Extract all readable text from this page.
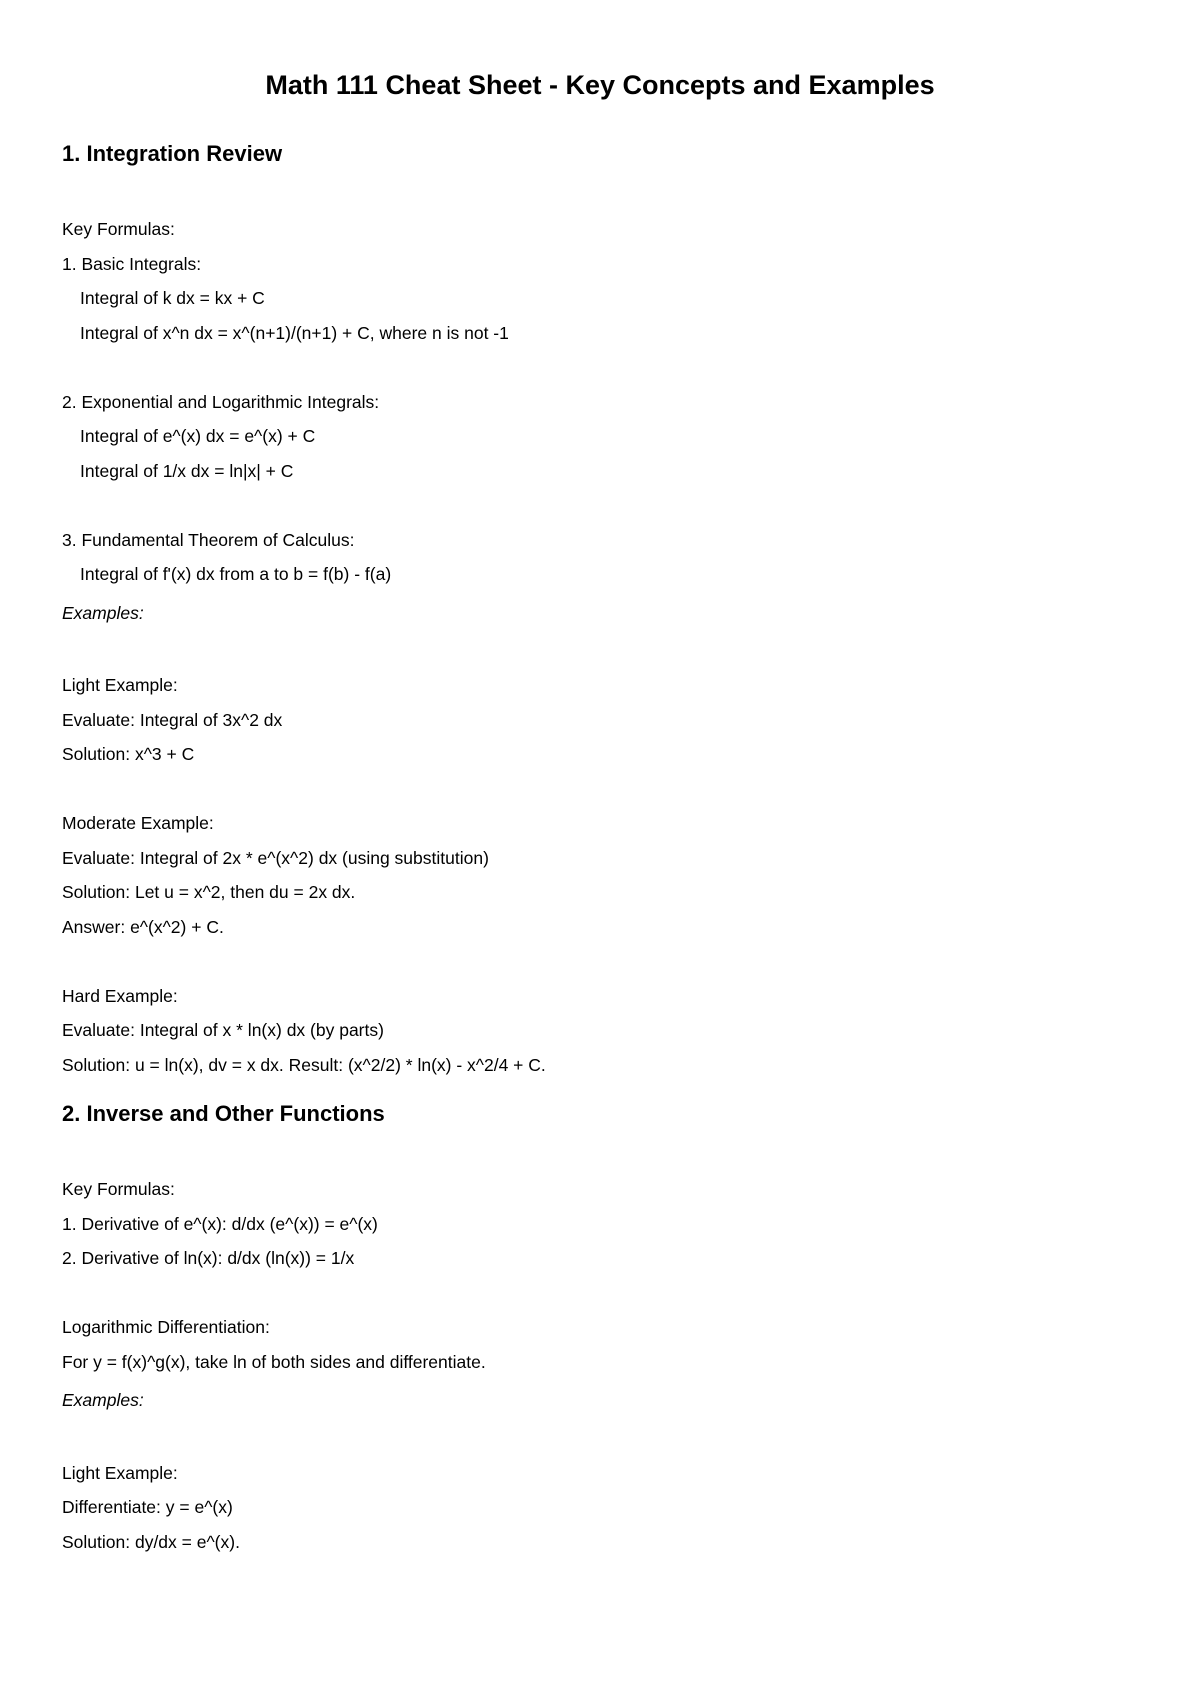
Math 111 Cheat Sheet - Key Concepts and Examples
1. Integration Review

Key Formulas:

1. Basic Integrals:

Integral of k dx = kx + C

Integral of x^n dx = x^(n+1)/(n+1) + C, where n is not -1

2. Exponential and Logarithmic Integrals:

Integral of e^(x) dx = e^(x) + C

Integral of 1/x dx = ln|x| + C

3. Fundamental Theorem of Calculus:

Integral of f'(x) dx from a to b = f(b) - f(a)

Examples:

Light Example:

Evaluate: Integral of 3x^2 dx

Solution: x^3 + C

Moderate Example:

Evaluate: Integral of 2x * e^(x^2) dx (using substitution)

Solution: Let u = x^2, then du = 2x dx.

Answer: e^(x^2) + C.

Hard Example:

Evaluate: Integral of x * ln(x) dx (by parts)

Solution: u = ln(x), dv = x dx. Result: (x^2/2) * ln(x) - x^2/4 + C.

2. Inverse and Other Functions

Key Formulas:

1. Derivative of e^(x): d/dx (e^(x)) = e^(x)

2. Derivative of ln(x): d/dx (ln(x)) = 1/x

Logarithmic Differentiation:

For y = f(x)^g(x), take ln of both sides and differentiate.

Examples:

Light Example:

Differentiate: y = e^(x)

Solution: dy/dx = e^(x).
